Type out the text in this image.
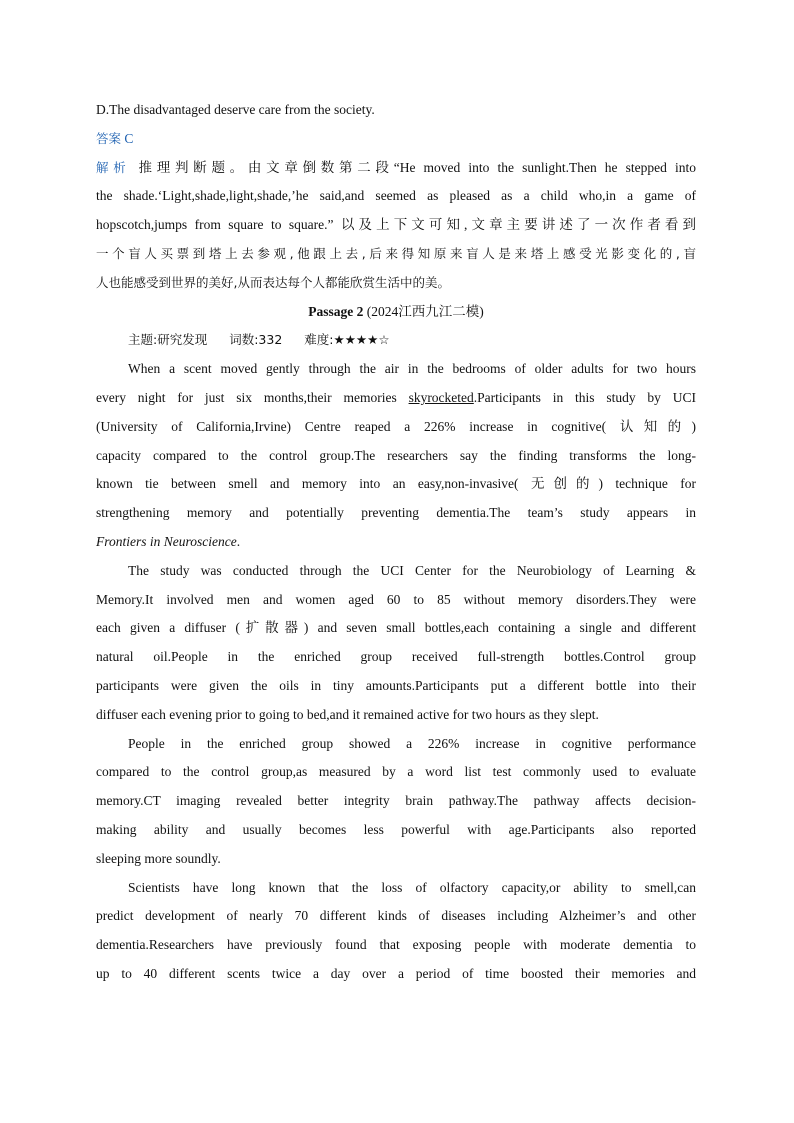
D.The disadvantaged deserve care from the society.
答案 C
解析 推理判断题。由文章倒数第二段“He moved into the sunlight.Then he stepped into
the shade.‘Light,shade,light,shade,’he said,and seemed as pleased as a child who,in a game of
hopscotch,jumps from square to square.” 以及上下文可知,文章主要讲述了一次作者看到
一个盲人买票到塔上去参观,他跟上去,后来得知原来盲人是来塔上感受光影变化的,盲
人也能感受到世界的美好,从而表达每个人都能欣赏生活中的美。
Passage 2 (2024江西九江二模)
主题:研究发现 词数:332 难度:★★★★☆
When a scent moved gently through the air in the bedrooms of older adults for two hours
every night for just six months,their memories skyrocketed.Participants in this study by UCI
(University of California,Irvine) Centre reaped a 226% increase in cognitive( 认知的)
capacity compared to the control group.The researchers say the finding transforms the long-
known tie between smell and memory into an easy,non-invasive( 无创的) technique for
strengthening memory and potentially preventing dementia.The team’s study appears in
Frontiers in Neuroscience.
The study was conducted through the UCI Center for the Neurobiology of Learning &
Memory.It involved men and women aged 60 to 85 without memory disorders.They were
each given a diffuser (扩散器) and seven small bottles,each containing a single and different
natural oil.People in the enriched group received full-strength bottles.Control group
participants were given the oils in tiny amounts.Participants put a different bottle into their
diffuser each evening prior to going to bed,and it remained active for two hours as they slept.
People in the enriched group showed a 226% increase in cognitive performance
compared to the control group,as measured by a word list test commonly used to evaluate
memory.CT imaging revealed better integrity brain pathway.The pathway affects decision-
making ability and usually becomes less powerful with age.Participants also reported
sleeping more soundly.
Scientists have long known that the loss of olfactory capacity,or ability to smell,can
predict development of nearly 70 different kinds of diseases including Alzheimer’s and other
dementia.Researchers have previously found that exposing people with moderate dementia to
up to 40 different scents twice a day over a period of time boosted their memories and
